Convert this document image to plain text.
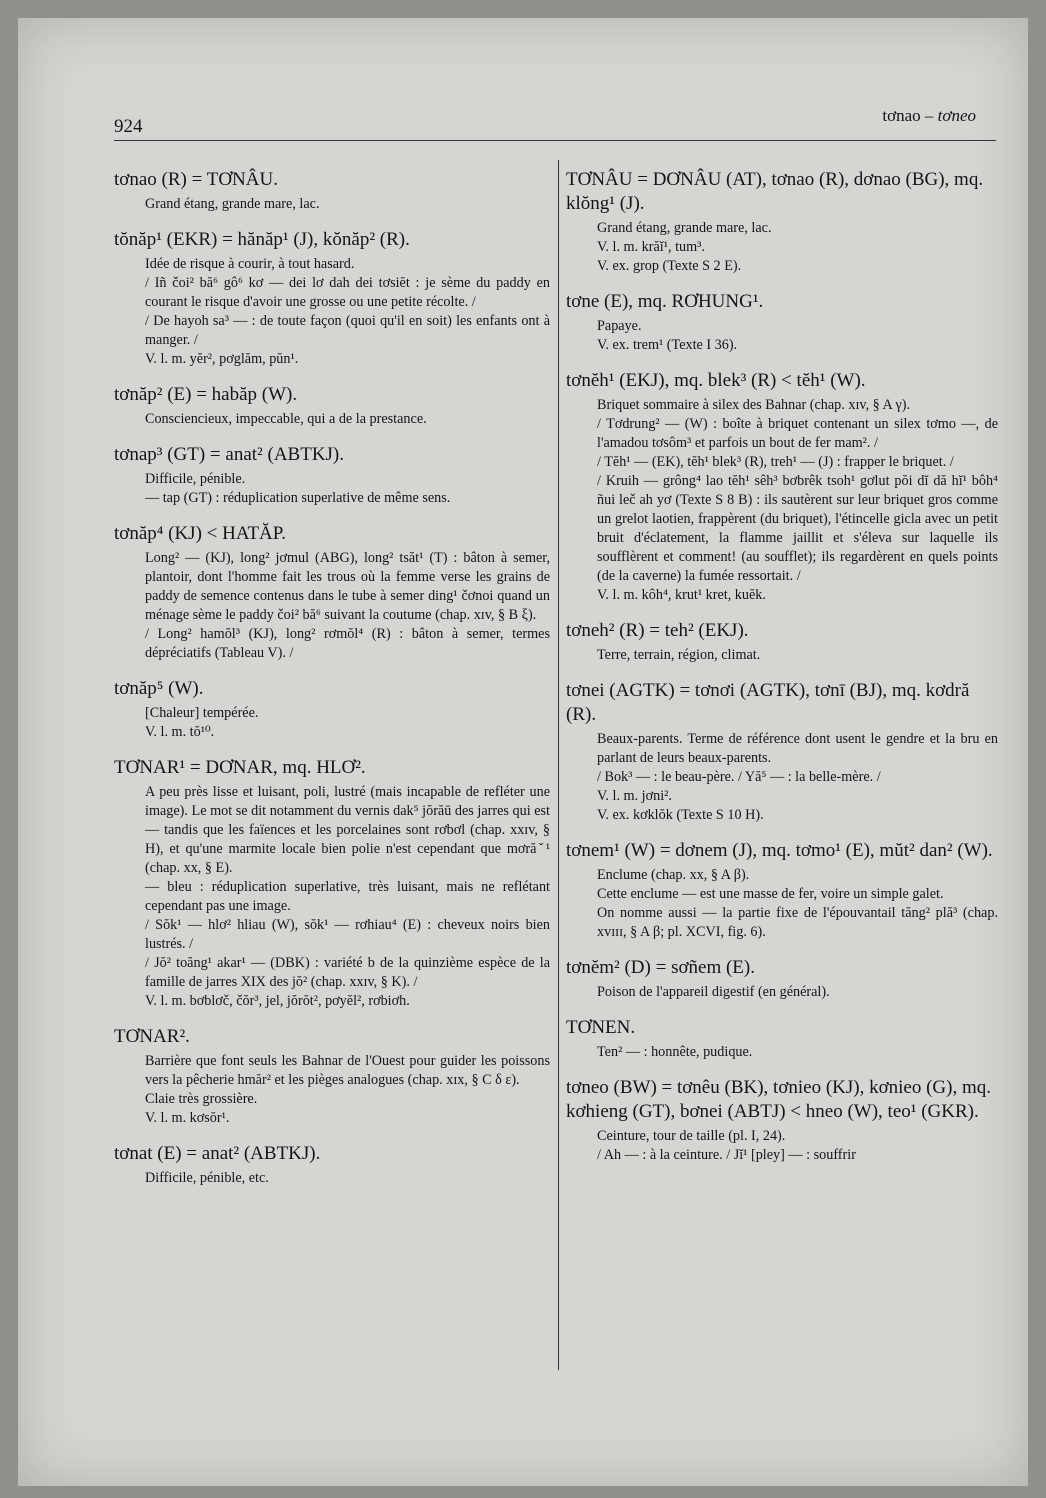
924
tơnao – tơneo
tơnao (R) = TƠNÂU.

Grand étang, grande mare, lac.

tŏnăp¹ (EKR) = hănăp¹ (J), kŏnăp² (R).

Idée de risque à courir, à tout hasard.

/ Iñ čoi² bă⁶ gô⁶ kơ — dei lơ dah dei tơsiĕt : je sème du paddy en courant le risque d'avoir une grosse ou une petite récolte. /

/ De hayoh sa³ — : de toute façon (quoi qu'il en soit) les enfants ont à manger. /

V. l. m. yĕr², pơglăm, pŭn¹.

tơnăp² (E) = habăp (W).

Consciencieux, impeccable, qui a de la prestance.

tơnap³ (GT) = anat² (ABTKJ).

Difficile, pénible.

— tap (GT) : réduplication superlative de même sens.

tơnăp⁴ (KJ) < HATĂP.

Long² — (KJ), long² jơmul (ABG), long² tsăt¹ (T) : bâton à semer, plantoir, dont l'homme fait les trous où la femme verse les grains de paddy de semence contenus dans le tube à semer ding¹ čơnoi quand un ménage sème le paddy čoi² bă⁶ suivant la coutume (chap. xɪv, § B ξ).

/ Long² hamŏl³ (KJ), long² rơmŏl⁴ (R) : bâton à semer, termes dépréciatifs (Tableau V). /

tơnăp⁵ (W).

[Chaleur] tempérée.

V. l. m. tŏ¹⁰.

TƠNAR¹ = DƠNAR, mq. HLƠ².

A peu près lisse et luisant, poli, lustré (mais incapable de refléter une image). Le mot se dit notamment du vernis dak⁵ jŏrăū des jarres qui est — tandis que les faïences et les porcelaines sont rơbơl (chap. xxɪv, § H), et qu'une marmite locale bien polie n'est cependant que mơrăˇ¹ (chap. xx, § E).

— bleu : réduplication superlative, très luisant, mais ne reflétant cependant pas une image.

/ Sŏk¹ — hlơ² hliau (W), sŏk¹ — rơhiau⁴ (E) : cheveux noirs bien lustrés. /

/ Jŏ² toăng¹ akar¹ — (DBK) : variété b de la quinzième espèce de la famille de jarres XIX des jŏ² (chap. xxɪv, § K). /

V. l. m. bơblơč, čŏr³, jel, jŏrŏt², pơyĕl², rơbiơh.

TƠNAR².

Barrière que font seuls les Bahnar de l'Ouest pour guider les poissons vers la pêcherie hmăr² et les pièges analogues (chap. xɪx, § C δ ε).

Claie très grossière.

V. l. m. kơsŏr¹.

tơnat (E) = anat² (ABTKJ).

Difficile, pénible, etc.

TƠNÂU = DƠNÂU (AT), tơnao (R), dơnao (BG), mq. klŏng¹ (J).

Grand étang, grande mare, lac.

V. l. m. krăĭ¹, tum³.

V. ex. grop (Texte S 2 E).

tơne (E), mq. RƠHUNG¹.

Papaye.

V. ex. trem¹ (Texte I 36).

tơnĕh¹ (EKJ), mq. blek³ (R) < tĕh¹ (W).

Briquet sommaire à silex des Bahnar (chap. xɪv, § A γ).

/ Tơdrung² — (W) : boîte à briquet contenant un silex tơmo —, de l'amadou tơsôm³ et parfois un bout de fer mam². /

/ Tĕh¹ — (EK), tĕh¹ blek³ (R), treh¹ — (J) : frapper le briquet. /

/ Kruih — grông⁴ lao tĕh¹ sêh³ bơbrêk tsoh¹ gơlut pŏi dĭ dă hĭ¹ bôh⁴ ñui leč ah yơ (Texte S 8 B) : ils sautèrent sur leur briquet gros comme un grelot laotien, frappèrent (du briquet), l'étincelle gicla avec un petit bruit d'éclatement, la flamme jaillit et s'éleva sur laquelle ils soufflèrent et comment! (au soufflet); ils regardèrent en quels points (de la caverne) la fumée ressortait. /

V. l. m. kôh⁴, krut¹ kret, kuĕk.

tơneh² (R) = teh² (EKJ).

Terre, terrain, région, climat.

tơnei (AGTK) = tơnơi (AGTK), tơnī (BJ), mq. kơdră (R).

Beaux-parents. Terme de référence dont usent le gendre et la bru en parlant de leurs beaux-parents.

/ Bok³ — : le beau-père. / Yă⁵ — : la belle-mère. /

V. l. m. jơni².

V. ex. kơklŏk (Texte S 10 H).

tơnem¹ (W) = dơnem (J), mq. tơmo¹ (E), mŭt² dan² (W).

Enclume (chap. xx, § A β).

Cette enclume — est une masse de fer, voire un simple galet.

On nomme aussi — la partie fixe de l'épouvantail tăng² plă³ (chap. xvɪɪɪ, § A β; pl. XCVI, fig. 6).

tơnĕm² (D) = sơñem (E).

Poison de l'appareil digestif (en général).

TƠNEN.

Ten² — : honnête, pudique.

tơneo (BW) = tơnêu (BK), tơnieo (KJ), kơnieo (G), mq. kơhieng (GT), bơnei (ABTJ) < hneo (W), teo¹ (GKR).

Ceinture, tour de taille (pl. I, 24).

/ Ah — : à la ceinture. / Jĭ¹ [pley] — : souffrir
